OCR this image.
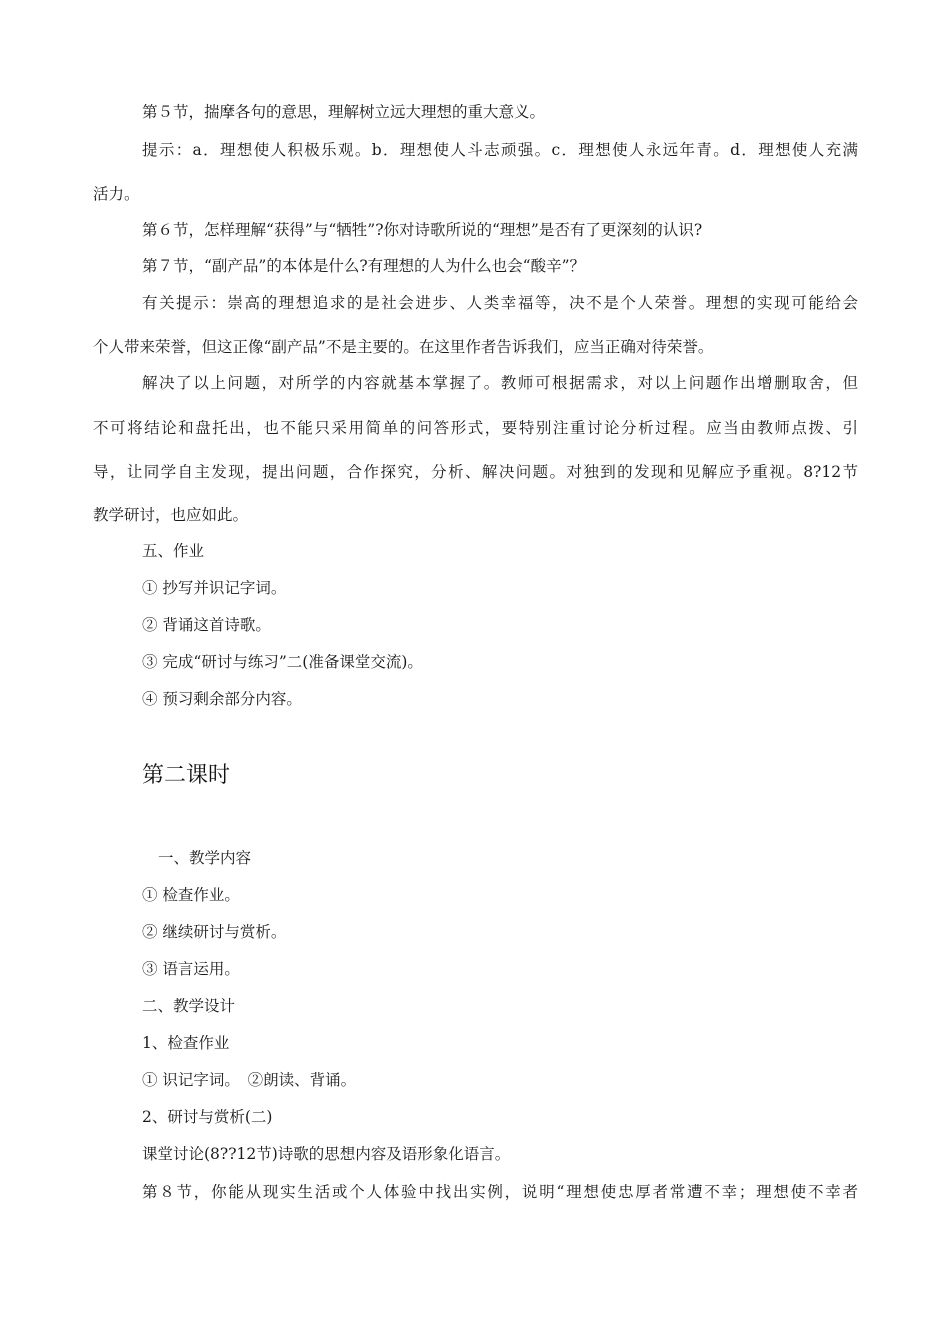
第５节，揣摩各句的意思，理解树立远大理想的重大意义。

提示：a．理想使人积极乐观。b．理想使人斗志顽强。c．理想使人永远年青。d．理想使人充满

活力。

第６节，怎样理解“获得”与“牺牲”?你对诗歌所说的“理想”是否有了更深刻的认识?

第７节，“副产品”的本体是什么?有理想的人为什么也会“酸辛”？

有关提示：崇高的理想追求的是社会进步、人类幸福等，决不是个人荣誉。理想的实现可能给会

个人带来荣誉，但这正像“副产品”不是主要的。在这里作者告诉我们，应当正确对待荣誉。

解决了以上问题，对所学的内容就基本掌握了。教师可根据需求，对以上问题作出增删取舍，但

不可将结论和盘托出，也不能只采用简单的问答形式，要特别注重讨论分析过程。应当由教师点拨、引

导，让同学自主发现，提出问题，合作探究，分析、解决问题。对独到的发现和见解应予重视。8?12节

教学研讨，也应如此。

五、作业

① 抄写并识记字词。

② 背诵这首诗歌。

③ 完成“研讨与练习”二(准备课堂交流)。

④ 预习剩余部分内容。

第二课时

一、教学内容

① 检查作业。

② 继续研讨与赏析。

③ 语言运用。

二、教学设计

1、检查作业

① 识记字词。　②朗读、背诵。

2、研讨与赏析(二)

课堂讨论(8??12节)诗歌的思想内容及语形象化语言。

第８节，你能从现实生活或个人体验中找出实例，说明“理想使忠厚者常遭不幸；理想使不幸者
